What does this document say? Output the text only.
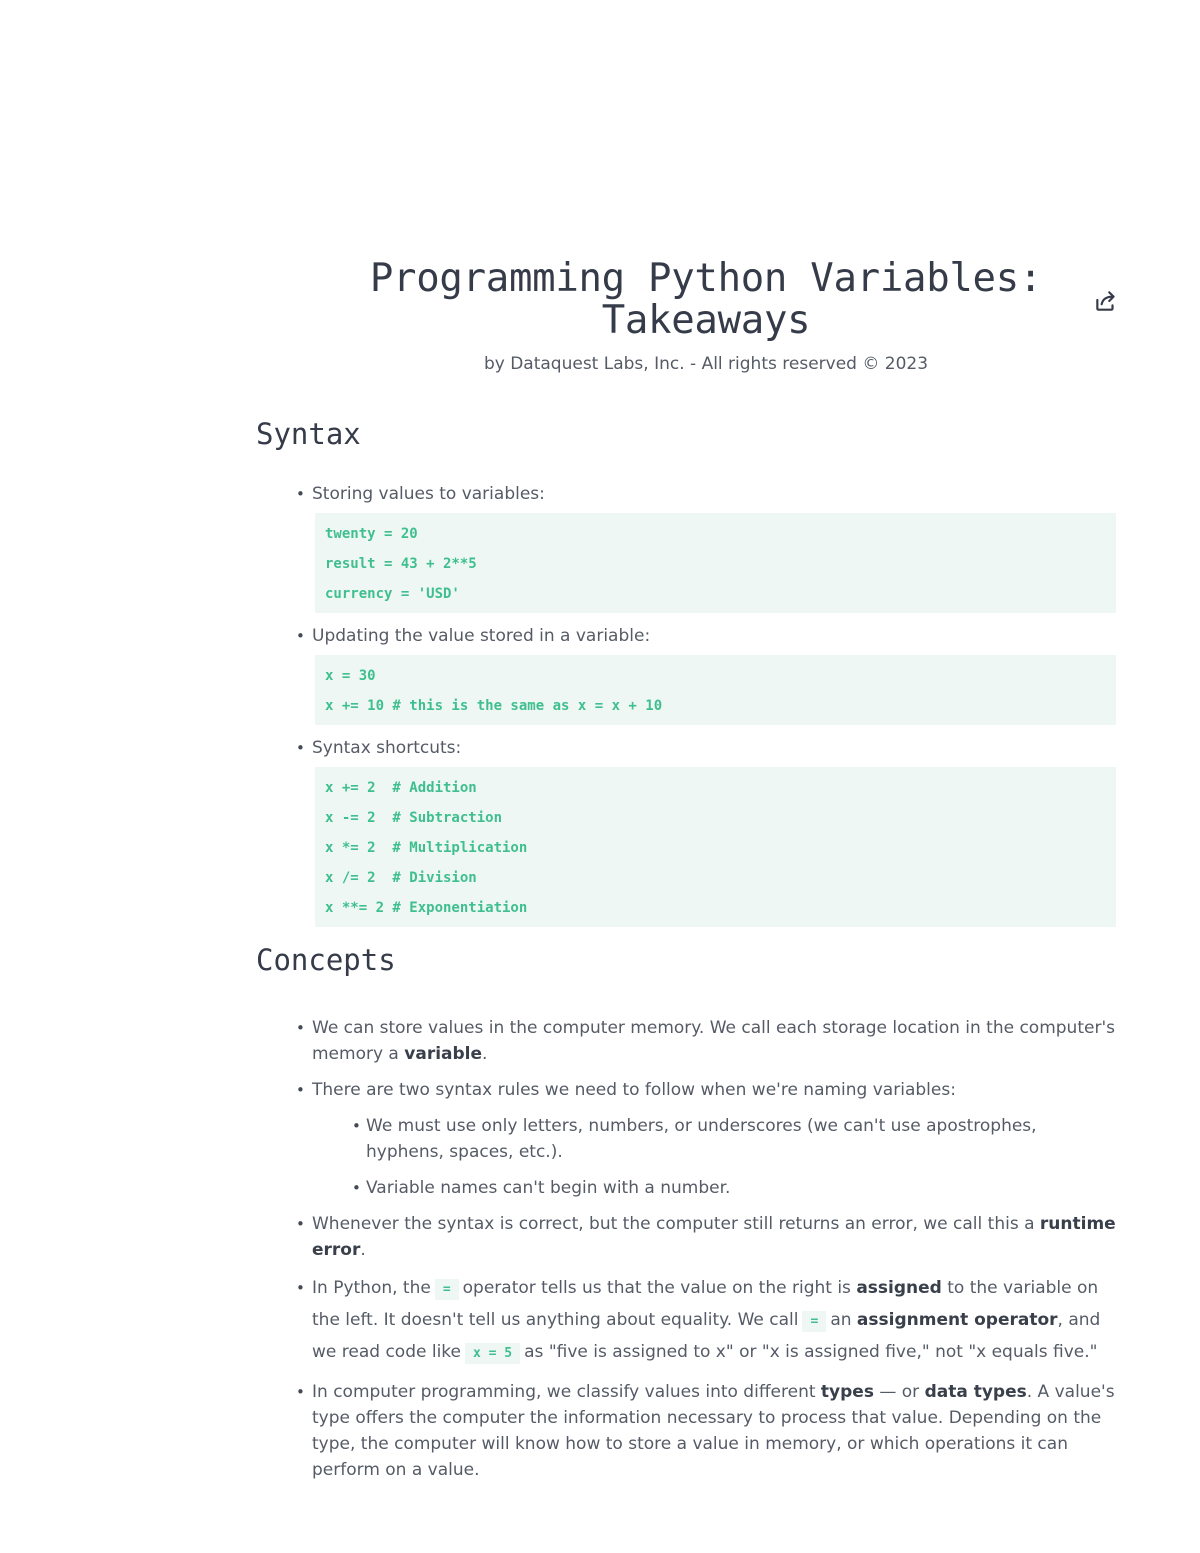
Programming Python Variables: Takeaways
by Dataquest Labs, Inc. - All rights reserved © 2023
Syntax
• Storing values to variables:
twenty = 20
result = 43 + 2**5
currency = 'USD'
• Updating the value stored in a variable:
x = 30
x += 10 # this is the same as x = x + 10
• Syntax shortcuts:
x += 2  # Addition
x -= 2  # Subtraction
x *= 2  # Multiplication
x /= 2  # Division
x **= 2 # Exponentiation
Concepts
• We can store values in the computer memory. We call each storage location in the computer's memory a variable.
• There are two syntax rules we need to follow when we're naming variables:
• We must use only letters, numbers, or underscores (we can't use apostrophes, hyphens, spaces, etc.).
• Variable names can't begin with a number.
• Whenever the syntax is correct, but the computer still returns an error, we call this a runtime error.
• In Python, the = operator tells us that the value on the right is assigned to the variable on the left. It doesn't tell us anything about equality. We call = an assignment operator, and we read code like x = 5 as "five is assigned to x" or "x is assigned five," not "x equals five."
• In computer programming, we classify values into different types — or data types. A value's type offers the computer the information necessary to process that value. Depending on the type, the computer will know how to store a value in memory, or which operations it can perform on a value.
